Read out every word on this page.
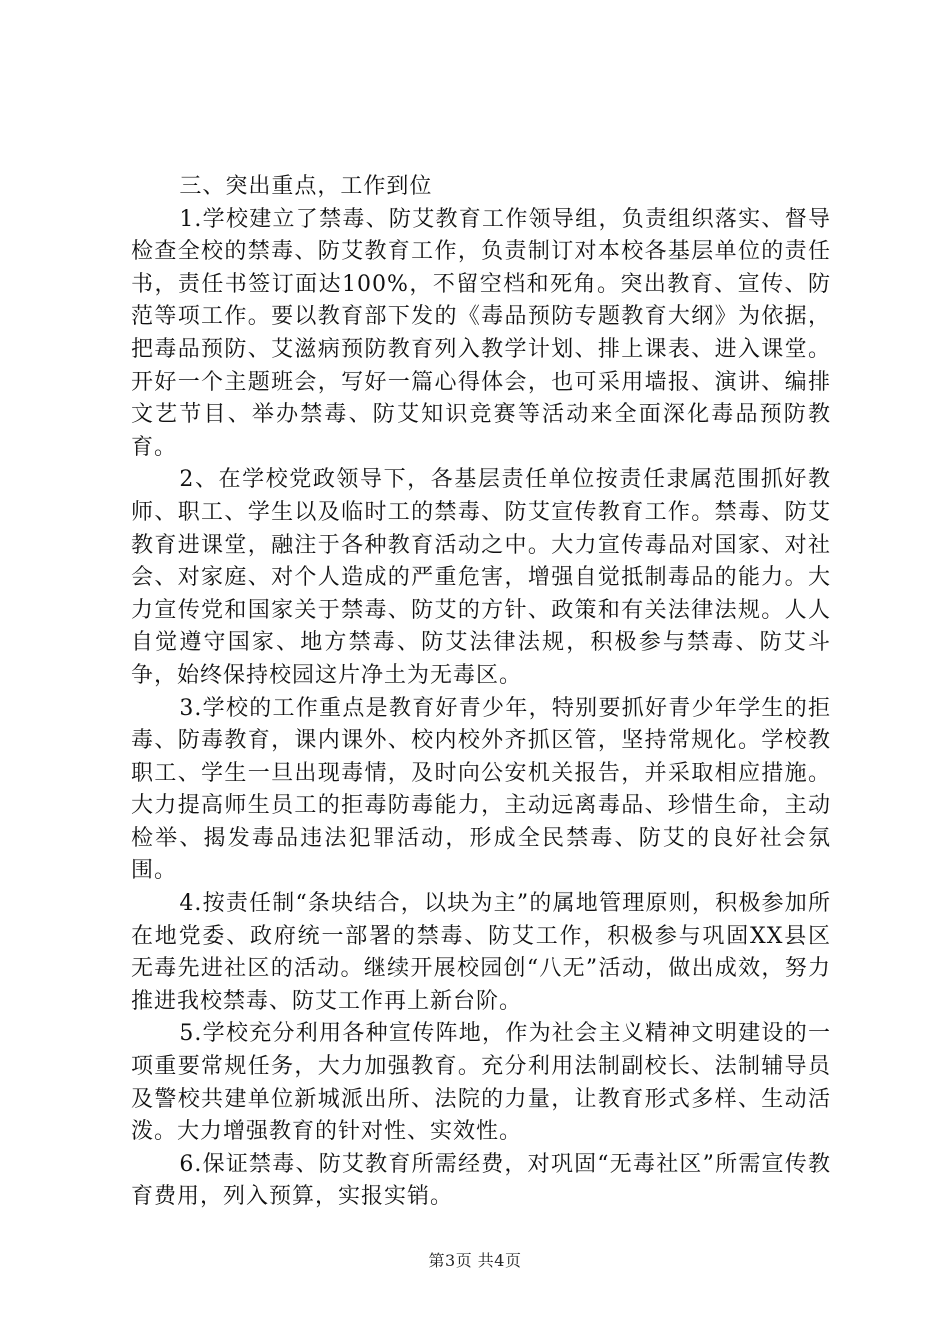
三、突出重点，工作到位

1.学校建立了禁毒、防艾教育工作领导组，负责组织落实、督导检查全校的禁毒、防艾教育工作，负责制订对本校各基层单位的责任书，责任书签订面达100%，不留空档和死角。突出教育、宣传、防范等项工作。要以教育部下发的《毒品预防专题教育大纲》为依据，把毒品预防、艾滋病预防教育列入教学计划、排上课表、进入课堂。开好一个主题班会，写好一篇心得体会，也可采用墙报、演讲、编排文艺节目、举办禁毒、防艾知识竞赛等活动来全面深化毒品预防教育。

2、在学校党政领导下，各基层责任单位按责任隶属范围抓好教师、职工、学生以及临时工的禁毒、防艾宣传教育工作。禁毒、防艾教育进课堂，融注于各种教育活动之中。大力宣传毒品对国家、对社会、对家庭、对个人造成的严重危害，增强自觉抵制毒品的能力。大力宣传党和国家关于禁毒、防艾的方针、政策和有关法律法规。人人自觉遵守国家、地方禁毒、防艾法律法规，积极参与禁毒、防艾斗争，始终保持校园这片净土为无毒区。

3.学校的工作重点是教育好青少年，特别要抓好青少年学生的拒毒、防毒教育，课内课外、校内校外齐抓区管，坚持常规化。学校教职工、学生一旦出现毒情，及时向公安机关报告，并采取相应措施。大力提高师生员工的拒毒防毒能力，主动远离毒品、珍惜生命，主动检举、揭发毒品违法犯罪活动，形成全民禁毒、防艾的良好社会氛围。

4.按责任制“条块结合，以块为主”的属地管理原则，积极参加所在地党委、政府统一部署的禁毒、防艾工作，积极参与巩固XX县区无毒先进社区的活动。继续开展校园创“八无”活动，做出成效，努力推进我校禁毒、防艾工作再上新台阶。

5.学校充分利用各种宣传阵地，作为社会主义精神文明建设的一项重要常规任务，大力加强教育。充分利用法制副校长、法制辅导员及警校共建单位新城派出所、法院的力量，让教育形式多样、生动活泼。大力增强教育的针对性、实效性。

6.保证禁毒、防艾教育所需经费，对巩固“无毒社区”所需宣传教育费用，列入预算，实报实销。

第3页 共4页
